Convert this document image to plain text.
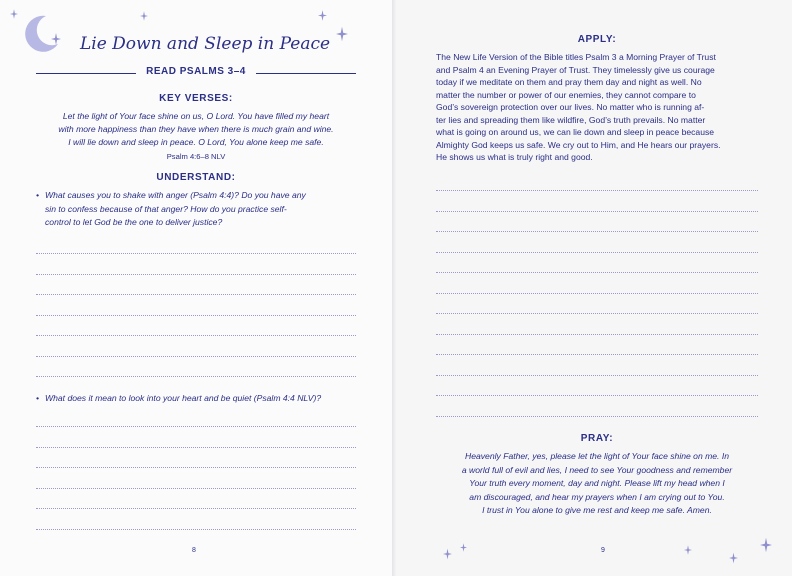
Lie Down and Sleep in Peace
READ PSALMS 3–4
KEY VERSES:
Let the light of Your face shine on us, O Lord. You have filled my heart
with more happiness than they have when there is much grain and wine.
I will lie down and sleep in peace. O Lord, You alone keep me safe.
Psalm 4:6–8 NLV
UNDERSTAND:
• What causes you to shake with anger (Psalm 4:4)? Do you have any
sin to confess because of that anger? How do you practice self-
control to let God be the one to deliver justice?
• What does it mean to look into your heart and be quiet (Psalm 4:4 NLV)?
8
APPLY:
The New Life Version of the Bible titles Psalm 3 a Morning Prayer of Trust
and Psalm 4 an Evening Prayer of Trust. They timelessly give us courage
today if we meditate on them and pray them day and night as well. No
matter the number or power of our enemies, they cannot compare to
God’s sovereign protection over our lives. No matter who is running af-
ter lies and spreading them like wildfire, God’s truth prevails. No matter
what is going on around us, we can lie down and sleep in peace because
Almighty God keeps us safe. We cry out to Him, and He hears our prayers.
He shows us what is truly right and good.
PRAY:
Heavenly Father, yes, please let the light of Your face shine on me. In
a world full of evil and lies, I need to see Your goodness and remember
Your truth every moment, day and night. Please lift my head when I
am discouraged, and hear my prayers when I am crying out to You.
I trust in You alone to give me rest and keep me safe. Amen.
9
